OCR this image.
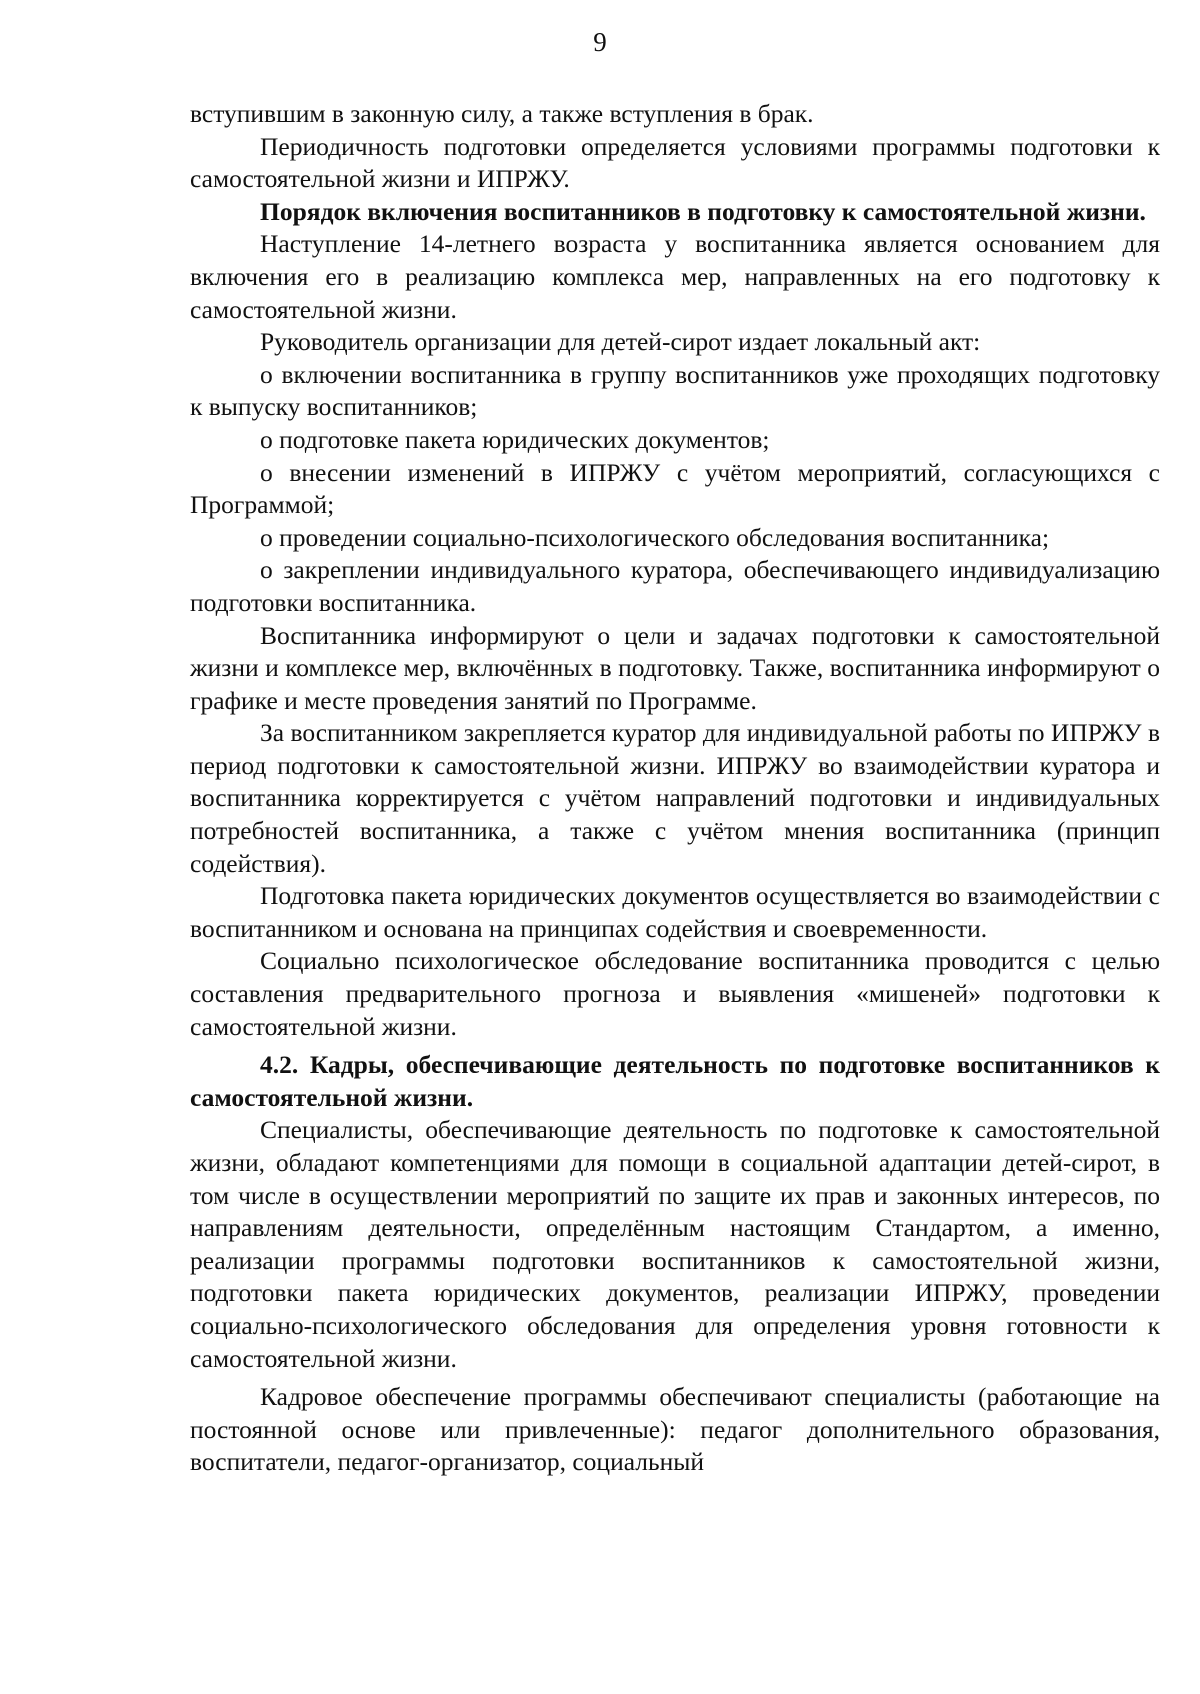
9

вступившим в законную силу, а также вступления в брак.

Периодичность подготовки определяется условиями программы подготовки к самостоятельной жизни и ИПРЖУ.

Порядок включения воспитанников в подготовку к самостоятельной жизни.

Наступление 14-летнего возраста у воспитанника является основанием для включения его в реализацию комплекса мер, направленных на его подготовку к самостоятельной жизни.

Руководитель организации для детей-сирот издает локальный акт:

о включении воспитанника в группу воспитанников уже проходящих подготовку к выпуску воспитанников;

о подготовке пакета юридических документов;

о внесении изменений в ИПРЖУ с учётом мероприятий, согласующихся с Программой;

о проведении социально-психологического обследования воспитанника;

о закреплении индивидуального куратора, обеспечивающего индивидуализацию подготовки воспитанника.

Воспитанника информируют о цели и задачах подготовки к самостоятельной жизни и комплексе мер, включённых в подготовку. Также, воспитанника информируют о графике и месте проведения занятий по Программе.

За воспитанником закрепляется куратор для индивидуальной работы по ИПРЖУ в период подготовки к самостоятельной жизни. ИПРЖУ во взаимодействии куратора и воспитанника корректируется с учётом направлений подготовки и индивидуальных потребностей воспитанника, а также с учётом мнения воспитанника (принцип содействия).

Подготовка пакета юридических документов осуществляется во взаимодействии с воспитанником и основана на принципах содействия и своевременности.

Социально психологическое обследование воспитанника проводится с целью составления предварительного прогноза и выявления «мишеней» подготовки к самостоятельной жизни.

4.2. Кадры, обеспечивающие деятельность по подготовке воспитанников к самостоятельной жизни.

Специалисты, обеспечивающие деятельность по подготовке к самостоятельной жизни, обладают компетенциями для помощи в социальной адаптации детей-сирот, в том числе в осуществлении мероприятий по защите их прав и законных интересов, по направлениям деятельности, определённым настоящим Стандартом, а именно, реализации программы подготовки воспитанников к самостоятельной жизни, подготовки пакета юридических документов, реализации ИПРЖУ, проведении социально-психологического обследования для определения уровня готовности к самостоятельной жизни.

Кадровое обеспечение программы обеспечивают специалисты (работающие на постоянной основе или привлеченные): педагог дополнительного образования, воспитатели, педагог-организатор, социальный
